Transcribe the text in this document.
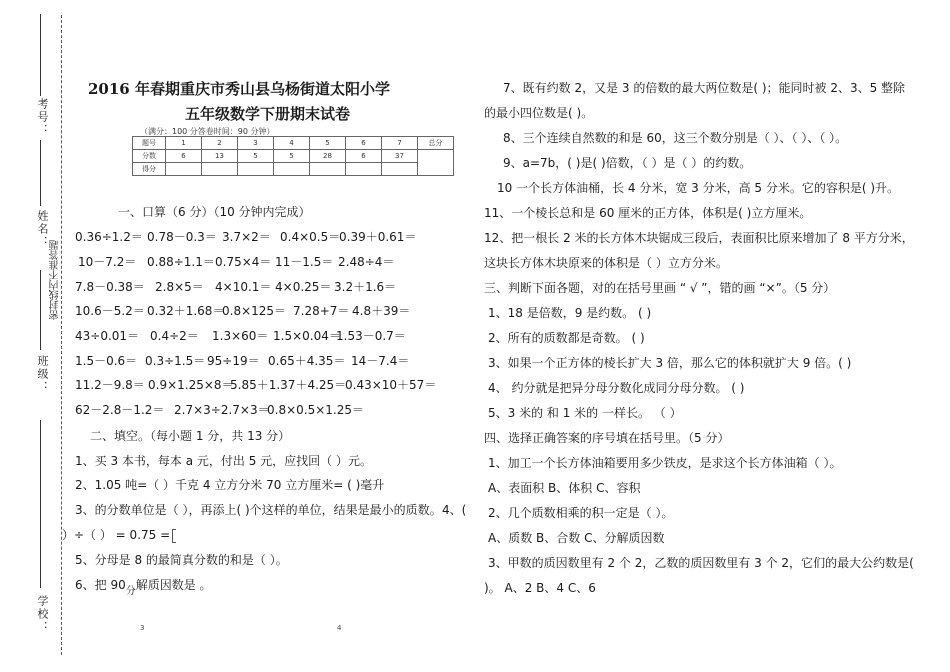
考号：
姓名：
密封线内不准答题
班级：
学校：
2016 年春期重庆市秀山县乌杨街道太阳小学
五年级数学下册期末试卷
（满分：100 分答卷时间：90 分钟）
题号	1	2	3	4	5	6	7	总分
分数	6	13	5	5	28	6	37	
得分								
一、口算（6 分）（10 分钟内完成）
0.36÷1.2＝ 0.78－0.3＝ 3.7×2＝ 0.4×0.5＝
0.39＋0.61＝
10－7.2＝ 0.88÷1.1＝ 0.75×4＝ 11－1.5＝ 2.48÷4＝
7.8－0.38＝ 2.8×5＝ 4×10.1＝ 4×0.25＝ 3.2＋1.6＝
10.6－5.2＝ 0.32＋1.68＝
0.8×125＝ 7.28+7＝ 4.8＋39＝
43÷0.01＝ 0.4÷2＝ 1.3×60＝ 1.5×0.04＝
1.53－0.7＝
1.5－0.6＝ 0.3÷1.5＝ 95÷19＝ 0.65＋4.35＝ 14－7.4＝
11.2－9.8＝ 0.9×1.25×8＝
5.85＋1.37＋4.25＝
0.43×10＋57＝
62－2.8－1.2＝ 2.7×3÷2.7×3＝
0.8×0.5×1.25＝
二、填空。（每小题 1 分，共 13 分）
1、买 3 本书，每本 a 元，付出 5 元，应找回（ ）元。
2、1.05 吨=（ ）千克 4 立方分米 70 立方厘米= ( )毫升
3、的分数单位是（ ），再添上( )个这样的单位，结果是最小的质数。 4、(
）÷（ ） = 0.75 =
5、分母是 8 的最简真分数的和是（ ）。
6、把 $90_分$解质因数是 。
7、既有约数 2，又是 3 的倍数的最大两位数是( )；能同时被 2、3、5 整除
的最小四位数是( )。
8、三个连续自然数的和是 60，这三个数分别是（ ）、（ ）、（ ）。
9、a=7b，( )是( )倍数，（ ）是（ ）的约数。
10 一个长方体油桶，长 4 分米，宽 3 分米，高 5 分米。它的容积是( )升。
11、一个棱长总和是 60 厘米的正方体，体积是( )立方厘米。
12、把一根长 2 米的长方体木块锯成三段后，表面积比原来增加了 8 平方分米，
这块长方体木块原来的体积是（ ）立方分米。
三、判断下面各题，对的在括号里画 “ √ ”，错的画 “×”。（5 分）
1、18 是倍数，9 是约数。 ( )
2、所有的质数都是奇数。 ( )
3、如果一个正方体的棱长扩大 3 倍，那么它的体积就扩大 9 倍。( )
4、 约分就是把异分母分数化成同分母分数。 ( )
5、3 米的 和 1 米的 一样长。 （ ）
四、选择正确答案的序号填在括号里。（5 分）
1、加工一个长方体油箱要用多少铁皮，是求这个长方体油箱（ ）。
A、表面积 B、体积 C、容积
2、几个质数相乘的积一定是（ ）。
A、质数 B、合数 C、分解质因数
3、甲数的质因数里有 2 个 2，乙数的质因数里有 3 个 2，它们的最大公约数是(
)。 A、2 B、4 C、6
3	4
